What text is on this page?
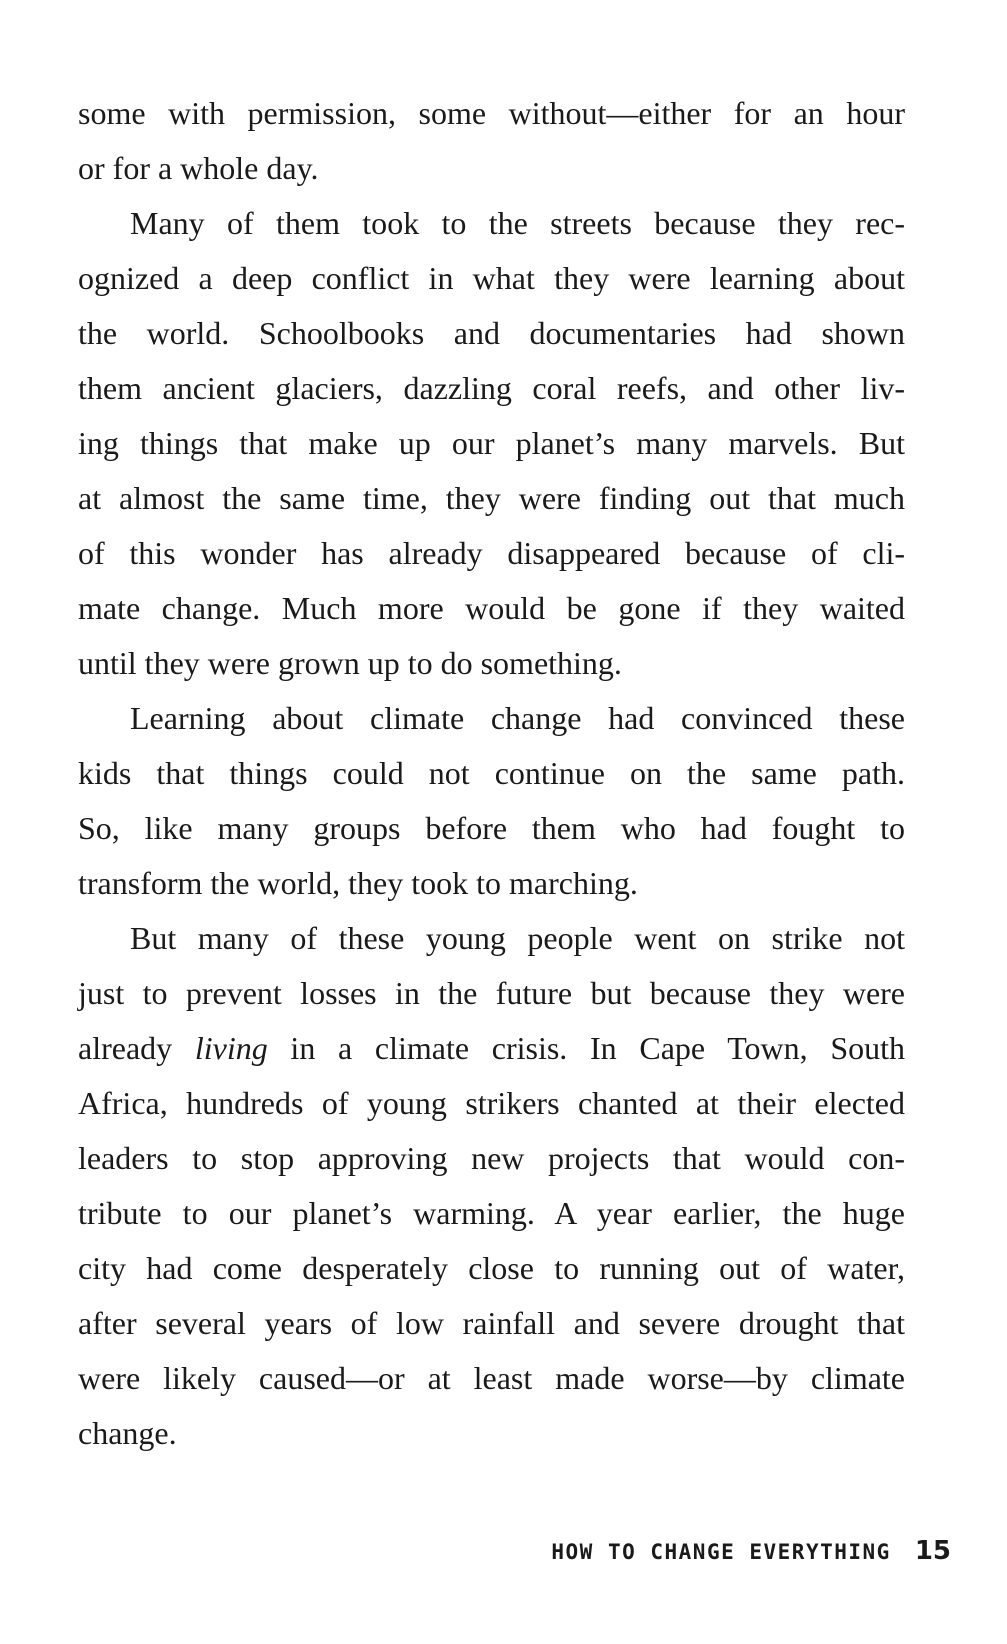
some with permission, some without—either for an hour
or for a whole day.
Many of them took to the streets because they rec-
ognized a deep conflict in what they were learning about
the world. Schoolbooks and documentaries had shown
them ancient glaciers, dazzling coral reefs, and other liv-
ing things that make up our planet’s many marvels. But
at almost the same time, they were finding out that much
of this wonder has already disappeared because of cli-
mate change. Much more would be gone if they waited
until they were grown up to do something.
Learning about climate change had convinced these
kids that things could not continue on the same path.
So, like many groups before them who had fought to
transform the world, they took to marching.
But many of these young people went on strike not
just to prevent losses in the future but because they were
already living in a climate crisis. In Cape Town, South
Africa, hundreds of young strikers chanted at their elected
leaders to stop approving new projects that would con-
tribute to our planet’s warming. A year earlier, the huge
city had come desperately close to running out of water,
after several years of low rainfall and severe drought that
were likely caused—or at least made worse—by climate
change.
HOW TO CHANGE EVERYTHING 15
